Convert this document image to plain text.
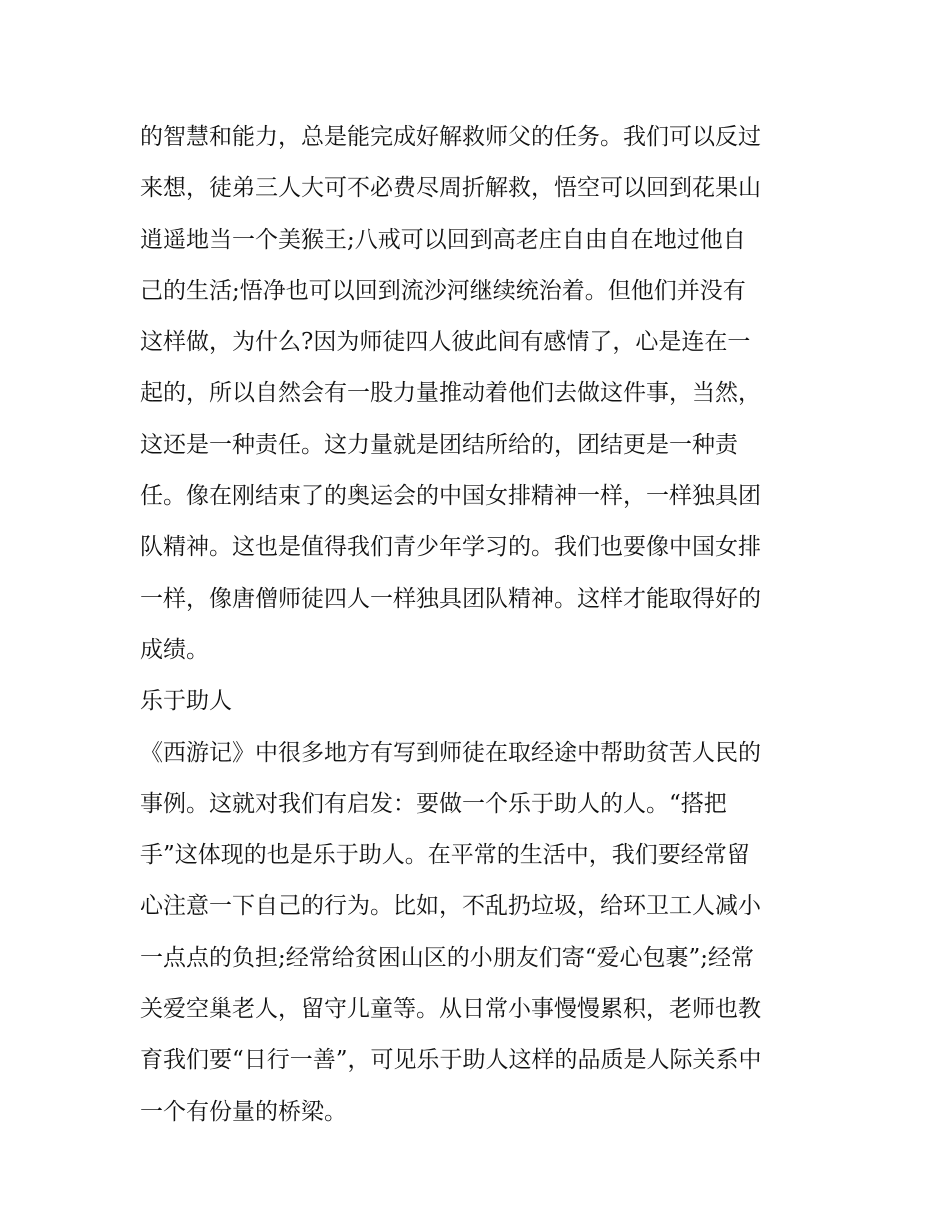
的智慧和能力，总是能完成好解救师父的任务。我们可以反过
来想，徒弟三人大可不必费尽周折解救，悟空可以回到花果山
逍遥地当一个美猴王;八戒可以回到高老庄自由自在地过他自
己的生活;悟净也可以回到流沙河继续统治着。但他们并没有
这样做，为什么?因为师徒四人彼此间有感情了，心是连在一
起的，所以自然会有一股力量推动着他们去做这件事，当然，
这还是一种责任。这力量就是团结所给的，团结更是一种责
任。像在刚结束了的奥运会的中国女排精神一样，一样独具团
队精神。这也是值得我们青少年学习的。我们也要像中国女排
一样，像唐僧师徒四人一样独具团队精神。这样才能取得好的
成绩。
乐于助人
《西游记》中很多地方有写到师徒在取经途中帮助贫苦人民的
事例。这就对我们有启发：要做一个乐于助人的人。“搭把
手”这体现的也是乐于助人。在平常的生活中，我们要经常留
心注意一下自己的行为。比如，不乱扔垃圾，给环卫工人减小
一点点的负担;经常给贫困山区的小朋友们寄“爱心包裹”;经常
关爱空巢老人，留守儿童等。从日常小事慢慢累积，老师也教
育我们要“日行一善”，可见乐于助人这样的品质是人际关系中
一个有份量的桥梁。
